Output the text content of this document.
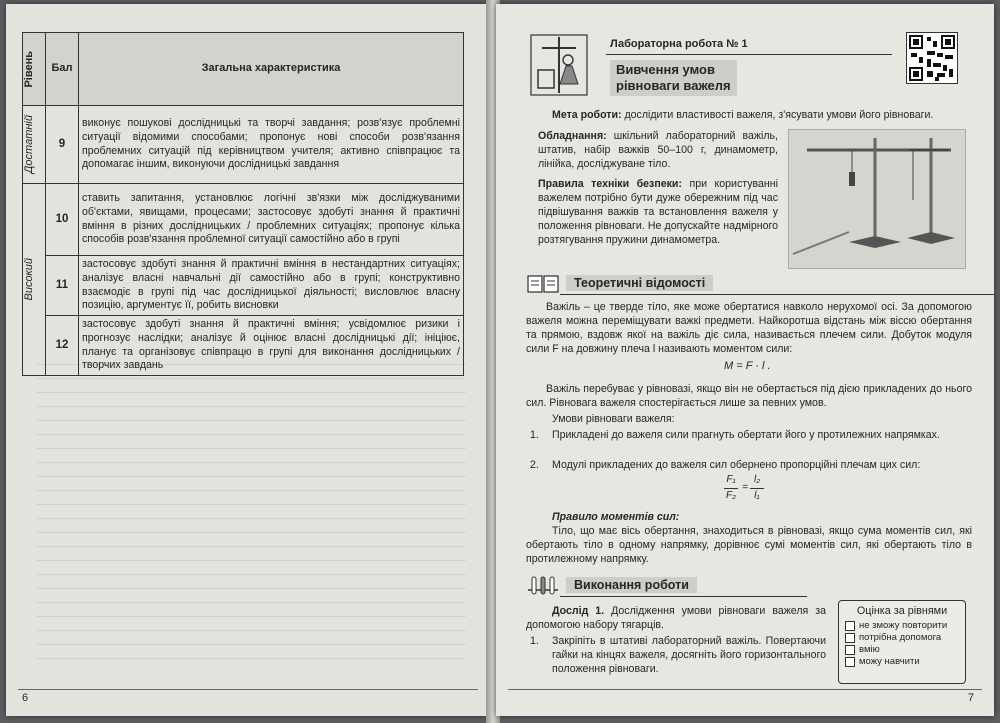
Рівень	Бал	Загальна характеристика

Достатній	9	виконує пошукові дослідницькі та творчі завдання; розв'язує проблемні ситуації відомими способами; пропонує нові способи розв'язання проблемних ситуацій під керівництвом учителя; активно співпрацює та допомагає іншим, виконуючи дослідницькі завдання

Високий	10	ставить запитання, установлює логічні зв'язки між досліджуваними об'єктами, явищами, процесами; застосовує здобуті знання й практичні вміння в різних дослідницьких / проблемних ситуаціях; пропонує кілька способів розв'язання проблемної ситуації самостійно або в групі
	11	застосовує здобуті знання й практичні вміння в нестандартних ситуаціях; аналізує власні навчальні дії самостійно або в групі; конструктивно взаємодіє в групі під час дослідницької діяльності; висловлює власну позицію, аргументує її, робить висновки
	12	застосовує здобуті знання й практичні вміння; усвідомлює ризики і прогнозує наслідки; аналізує й оцінює власні дослідницькі дії; ініціює, планує та організовує співпрацю в групі для виконання дослідницьких / творчих завдань
6
Лабораторна робота № 1
Вивчення умов
рівноваги важеля
Мета роботи: дослідити властивості важеля, з'ясувати умови його рівноваги.
Обладнання: шкільний лабораторний важіль, штатив, набір важків 50–100 г, динамометр, лінійка, досліджуване тіло.
Правила техніки безпеки: при користуванні важелем потрібно бути дуже обережним під час підвішування важків та встановлення важеля у положення рівноваги. Не допускайте надмірного розтягування пружини динамометра.
Теоретичні відомості
Важіль – це тверде тіло, яке може обертатися навколо нерухомої осі. За допомогою важеля можна переміщувати важкі предмети. Найкоротша відстань між віссю обертання та прямою, вздовж якої на важіль діє сила, називається плечем сили. Добуток модуля сили F на довжину плеча l називають моментом сили:
M = F · l .
Важіль перебуває у рівновазі, якщо він не обертається під дією прикладених до нього сил. Рівновага важеля спостерігається лише за певних умов.
Умови рівноваги важеля:
1. Прикладені до важеля сили прагнуть обертати його у протилежних напрямках.
2. Модулі прикладених до важеля сил обернено пропорційні плечам цих сил:
F₁
F₂
=
l₂
l₁
Правило моментів сил:
Тіло, що має вісь обертання, знаходиться в рівновазі, якщо сума моментів сил, які обертають тіло в одному напрямку, дорівнює сумі моментів сил, які обертають тіло в протилежному напрямку.
Виконання роботи
Дослід 1. Дослідження умови рівноваги важеля за допомогою набору тягарців.
1. Закріпіть в штативі лабораторний важіль. Повертаючи гайки на кінцях важеля, досягніть його горизонтального положення рівноваги.
Оцінка за рівнями
не зможу повторити
потрібна допомога
вмію
можу навчити
7
